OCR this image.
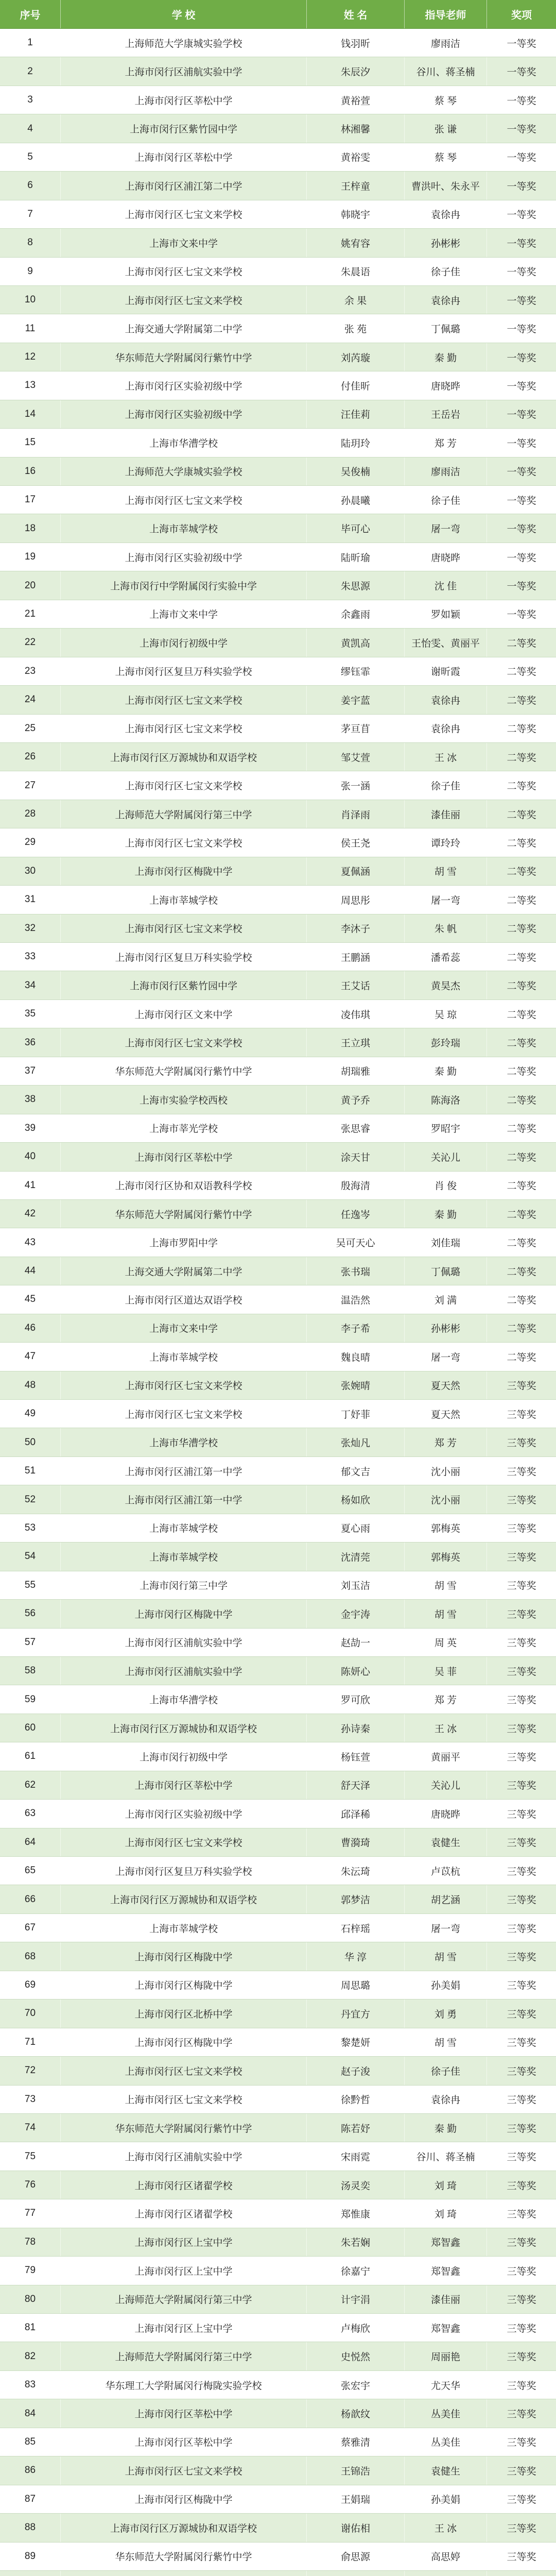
序号	学 校	姓 名	指导老师	奖项
1	上海师范大学康城实验学校	钱羽昕	廖雨洁	一等奖
2	上海市闵行区浦航实验中学	朱辰汐	谷川、蒋圣楠	一等奖
3	上海市闵行区莘松中学	黄裕萱	蔡 琴	一等奖
4	上海市闵行区紫竹园中学	林湘馨	张 谦	一等奖
5	上海市闵行区莘松中学	黄裕雯	蔡 琴	一等奖
6	上海市闵行区浦江第二中学	王梓童	曹洪叶、朱永平	一等奖
7	上海市闵行区七宝文来学校	韩晓宇	袁徐冉	一等奖
8	上海市文来中学	姚宥容	孙彬彬	一等奖
9	上海市闵行区七宝文来学校	朱晨语	徐子佳	一等奖
10	上海市闵行区七宝文来学校	余 果	袁徐冉	一等奖
11	上海交通大学附属第二中学	张 苑	丁佩璐	一等奖
12	华东师范大学附属闵行紫竹中学	刘芮璇	秦 勤	一等奖
13	上海市闵行区实验初级中学	付佳昕	唐晓晔	一等奖
14	上海市闵行区实验初级中学	汪佳莉	王岳岩	一等奖
15	上海市华漕学校	陆玥玲	郑 芳	一等奖
16	上海师范大学康城实验学校	吴俊楠	廖雨洁	一等奖
17	上海市闵行区七宝文来学校	孙晨曦	徐子佳	一等奖
18	上海市莘城学校	毕可心	屠一弯	一等奖
19	上海市闵行区实验初级中学	陆昕瑜	唐晓晔	一等奖
20	上海市闵行中学附属闵行实验中学	朱思源	沈 佳	一等奖
21	上海市文来中学	余鑫雨	罗如颖	一等奖
22	上海市闵行初级中学	黄凯高	王怡雯、黄丽平	二等奖
23	上海市闵行区复旦万科实验学校	缪钰霏	谢昕霞	二等奖
24	上海市闵行区七宝文来学校	姜宇蓝	袁徐冉	二等奖
25	上海市闵行区七宝文来学校	茅亘苜	袁徐冉	二等奖
26	上海市闵行区万源城协和双语学校	邹艾萱	王 冰	二等奖
27	上海市闵行区七宝文来学校	张一涵	徐子佳	二等奖
28	上海师范大学附属闵行第三中学	肖泽雨	漆佳丽	二等奖
29	上海市闵行区七宝文来学校	侯王尧	谭玲玲	二等奖
30	上海市闵行区梅陇中学	夏佩涵	胡 雪	二等奖
31	上海市莘城学校	周思彤	屠一弯	二等奖
32	上海市闵行区七宝文来学校	李沐子	朱 帆	二等奖
33	上海市闵行区复旦万科实验学校	王鹏涵	潘希蕊	二等奖
34	上海市闵行区紫竹园中学	王艾话	黄昊杰	二等奖
35	上海市闵行区文来中学	凌伟琪	吴 琼	二等奖
36	上海市闵行区七宝文来学校	王立琪	彭玲瑞	二等奖
37	华东师范大学附属闵行紫竹中学	胡瑞雅	秦 勤	二等奖
38	上海市实验学校西校	黄予乔	陈海洛	二等奖
39	上海市莘光学校	张思睿	罗昭宇	二等奖
40	上海市闵行区莘松中学	涂天甘	关沁儿	二等奖
41	上海市闵行区协和双语教科学校	殷海清	肖 俊	二等奖
42	华东师范大学附属闵行紫竹中学	任逸岑	秦 勤	二等奖
43	上海市罗阳中学	吴可天心	刘佳瑞	二等奖
44	上海交通大学附属第二中学	张书瑞	丁佩璐	二等奖
45	上海市闵行区道达双语学校	温浩然	刘 满	二等奖
46	上海市文来中学	李子希	孙彬彬	二等奖
47	上海市莘城学校	魏良晴	屠一弯	二等奖
48	上海市闵行区七宝文来学校	张婉晴	夏天然	三等奖
49	上海市闵行区七宝文来学校	丁妤菲	夏天然	三等奖
50	上海市华漕学校	张灿凡	郑 芳	三等奖
51	上海市闵行区浦江第一中学	郁文吉	沈小丽	三等奖
52	上海市闵行区浦江第一中学	杨如欣	沈小丽	三等奖
53	上海市莘城学校	夏心雨	郭梅英	三等奖
54	上海市莘城学校	沈清莞	郭梅英	三等奖
55	上海市闵行第三中学	刘玉洁	胡 雪	三等奖
56	上海市闵行区梅陇中学	金宇涛	胡 雪	三等奖
57	上海市闵行区浦航实验中学	赵劼一	周 英	三等奖
58	上海市闵行区浦航实验中学	陈妍心	吴 菲	三等奖
59	上海市华漕学校	罗可欣	郑 芳	三等奖
60	上海市闵行区万源城协和双语学校	孙诗秦	王 冰	三等奖
61	上海市闵行初级中学	杨钰萱	黄丽平	三等奖
62	上海市闵行区莘松中学	舒天泽	关沁儿	三等奖
63	上海市闵行区实验初级中学	邱泽稀	唐晓晔	三等奖
64	上海市闵行区七宝文来学校	曹漪琦	袁健生	三等奖
65	上海市闵行区复旦万科实验学校	朱沄琦	卢苡杭	三等奖
66	上海市闵行区万源城协和双语学校	郭梦洁	胡艺涵	三等奖
67	上海市莘城学校	石梓瑶	屠一弯	三等奖
68	上海市闵行区梅陇中学	华 淳	胡 雪	三等奖
69	上海市闵行区梅陇中学	周思璐	孙美娟	三等奖
70	上海市闵行区北桥中学	丹宜方	刘 勇	三等奖
71	上海市闵行区梅陇中学	黎楚妍	胡 雪	三等奖
72	上海市闵行区七宝文来学校	赵子浚	徐子佳	三等奖
73	上海市闵行区七宝文来学校	徐黔哲	袁徐冉	三等奖
74	华东师范大学附属闵行紫竹中学	陈若妤	秦 勤	三等奖
75	上海市闵行区浦航实验中学	宋雨霓	谷川、蒋圣楠	三等奖
76	上海市闵行区诸翟学校	汤灵奕	刘 琦	三等奖
77	上海市闵行区诸翟学校	郑惟康	刘 琦	三等奖
78	上海市闵行区上宝中学	朱若娴	郑智鑫	三等奖
79	上海市闵行区上宝中学	徐嘉宁	郑智鑫	三等奖
80	上海师范大学附属闵行第三中学	计宇涓	漆佳丽	三等奖
81	上海市闵行区上宝中学	卢梅欣	郑智鑫	三等奖
82	上海师范大学附属闵行第三中学	史悦然	周丽艳	三等奖
83	华东理工大学附属闵行梅陇实验学校	张宏宇	尤天华	三等奖
84	上海市闵行区莘松中学	杨歆纹	丛美佳	三等奖
85	上海市闵行区莘松中学	蔡雅清	丛美佳	三等奖
86	上海市闵行区七宝文来学校	王锦浩	袁健生	三等奖
87	上海市闵行区梅陇中学	王娟瑞	孙美娟	三等奖
88	上海市闵行区万源城协和双语学校	谢佑相	王 冰	三等奖
89	华东师范大学附属闵行紫竹中学	俞思源	高思婷	三等奖
